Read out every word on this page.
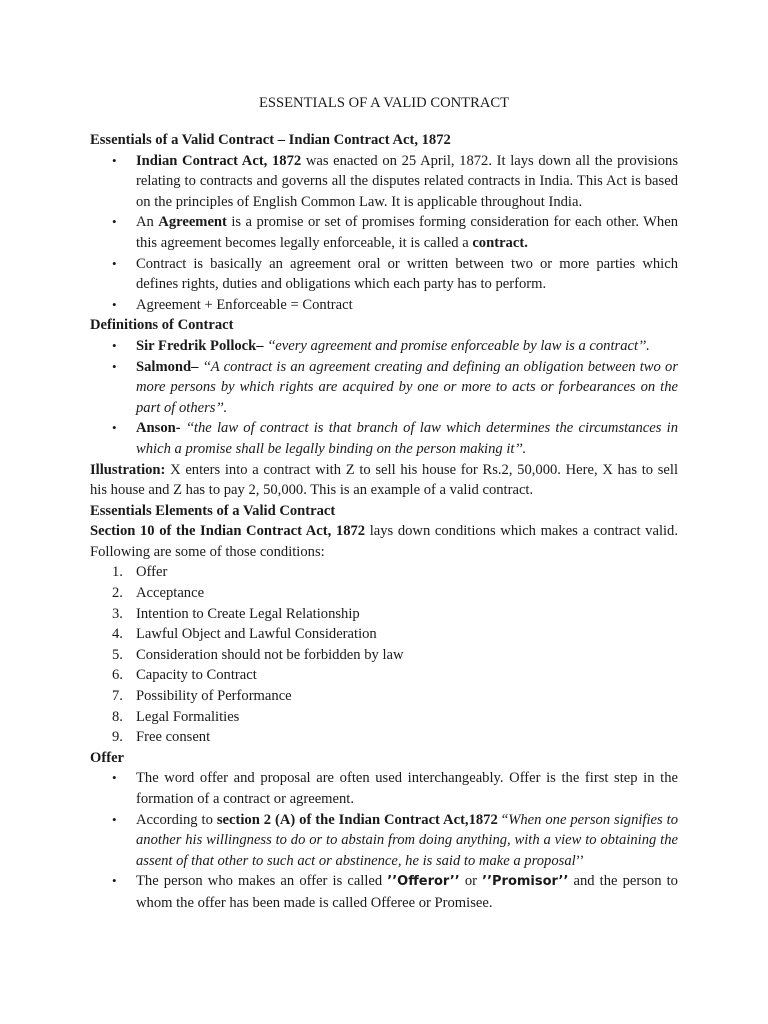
ESSENTIALS OF A VALID CONTRACT

Essentials of a Valid Contract – Indian Contract Act, 1872

• Indian Contract Act, 1872 was enacted on 25 April, 1872. It lays down all the provisions relating to contracts and governs all the disputes related contracts in India. This Act is based on the principles of English Common Law. It is applicable throughout India.
• An Agreement is a promise or set of promises forming consideration for each other. When this agreement becomes legally enforceable, it is called a contract.
• Contract is basically an agreement oral or written between two or more parties which defines rights, duties and obligations which each party has to perform.
• Agreement + Enforceable = Contract

Definitions of Contract

• Sir Fredrik Pollock– ‘‘every agreement and promise enforceable by law is a contract’’.
• Salmond– ‘‘A contract is an agreement creating and defining an obligation between two or more persons by which rights are acquired by one or more to acts or forbearances on the part of others’’.
• Anson- ‘‘the law of contract is that branch of law which determines the circumstances in which a promise shall be legally binding on the person making it’’.

Illustration: X enters into a contract with Z to sell his house for Rs.2, 50,000. Here, X has to sell his house and Z has to pay 2, 50,000. This is an example of a valid contract.

Essentials Elements of a Valid Contract

Section 10 of the Indian Contract Act, 1872 lays down conditions which makes a contract valid. Following are some of those conditions:

1. Offer
2. Acceptance
3. Intention to Create Legal Relationship
4. Lawful Object and Lawful Consideration
5. Consideration should not be forbidden by law
6. Capacity to Contract
7. Possibility of Performance
8. Legal Formalities
9. Free consent

Offer

• The word offer and proposal are often used interchangeably. Offer is the first step in the formation of a contract or agreement.
• According to section 2 (A) of the Indian Contract Act,1872 “When one person signifies to another his willingness to do or to abstain from doing anything, with a view to obtaining the assent of that other to such act or abstinence, he is said to make a proposal’’
• The person who makes an offer is called ’’Offeror’’ or ’’Promisor’’ and the person to whom the offer has been made is called Offeree or Promisee.
